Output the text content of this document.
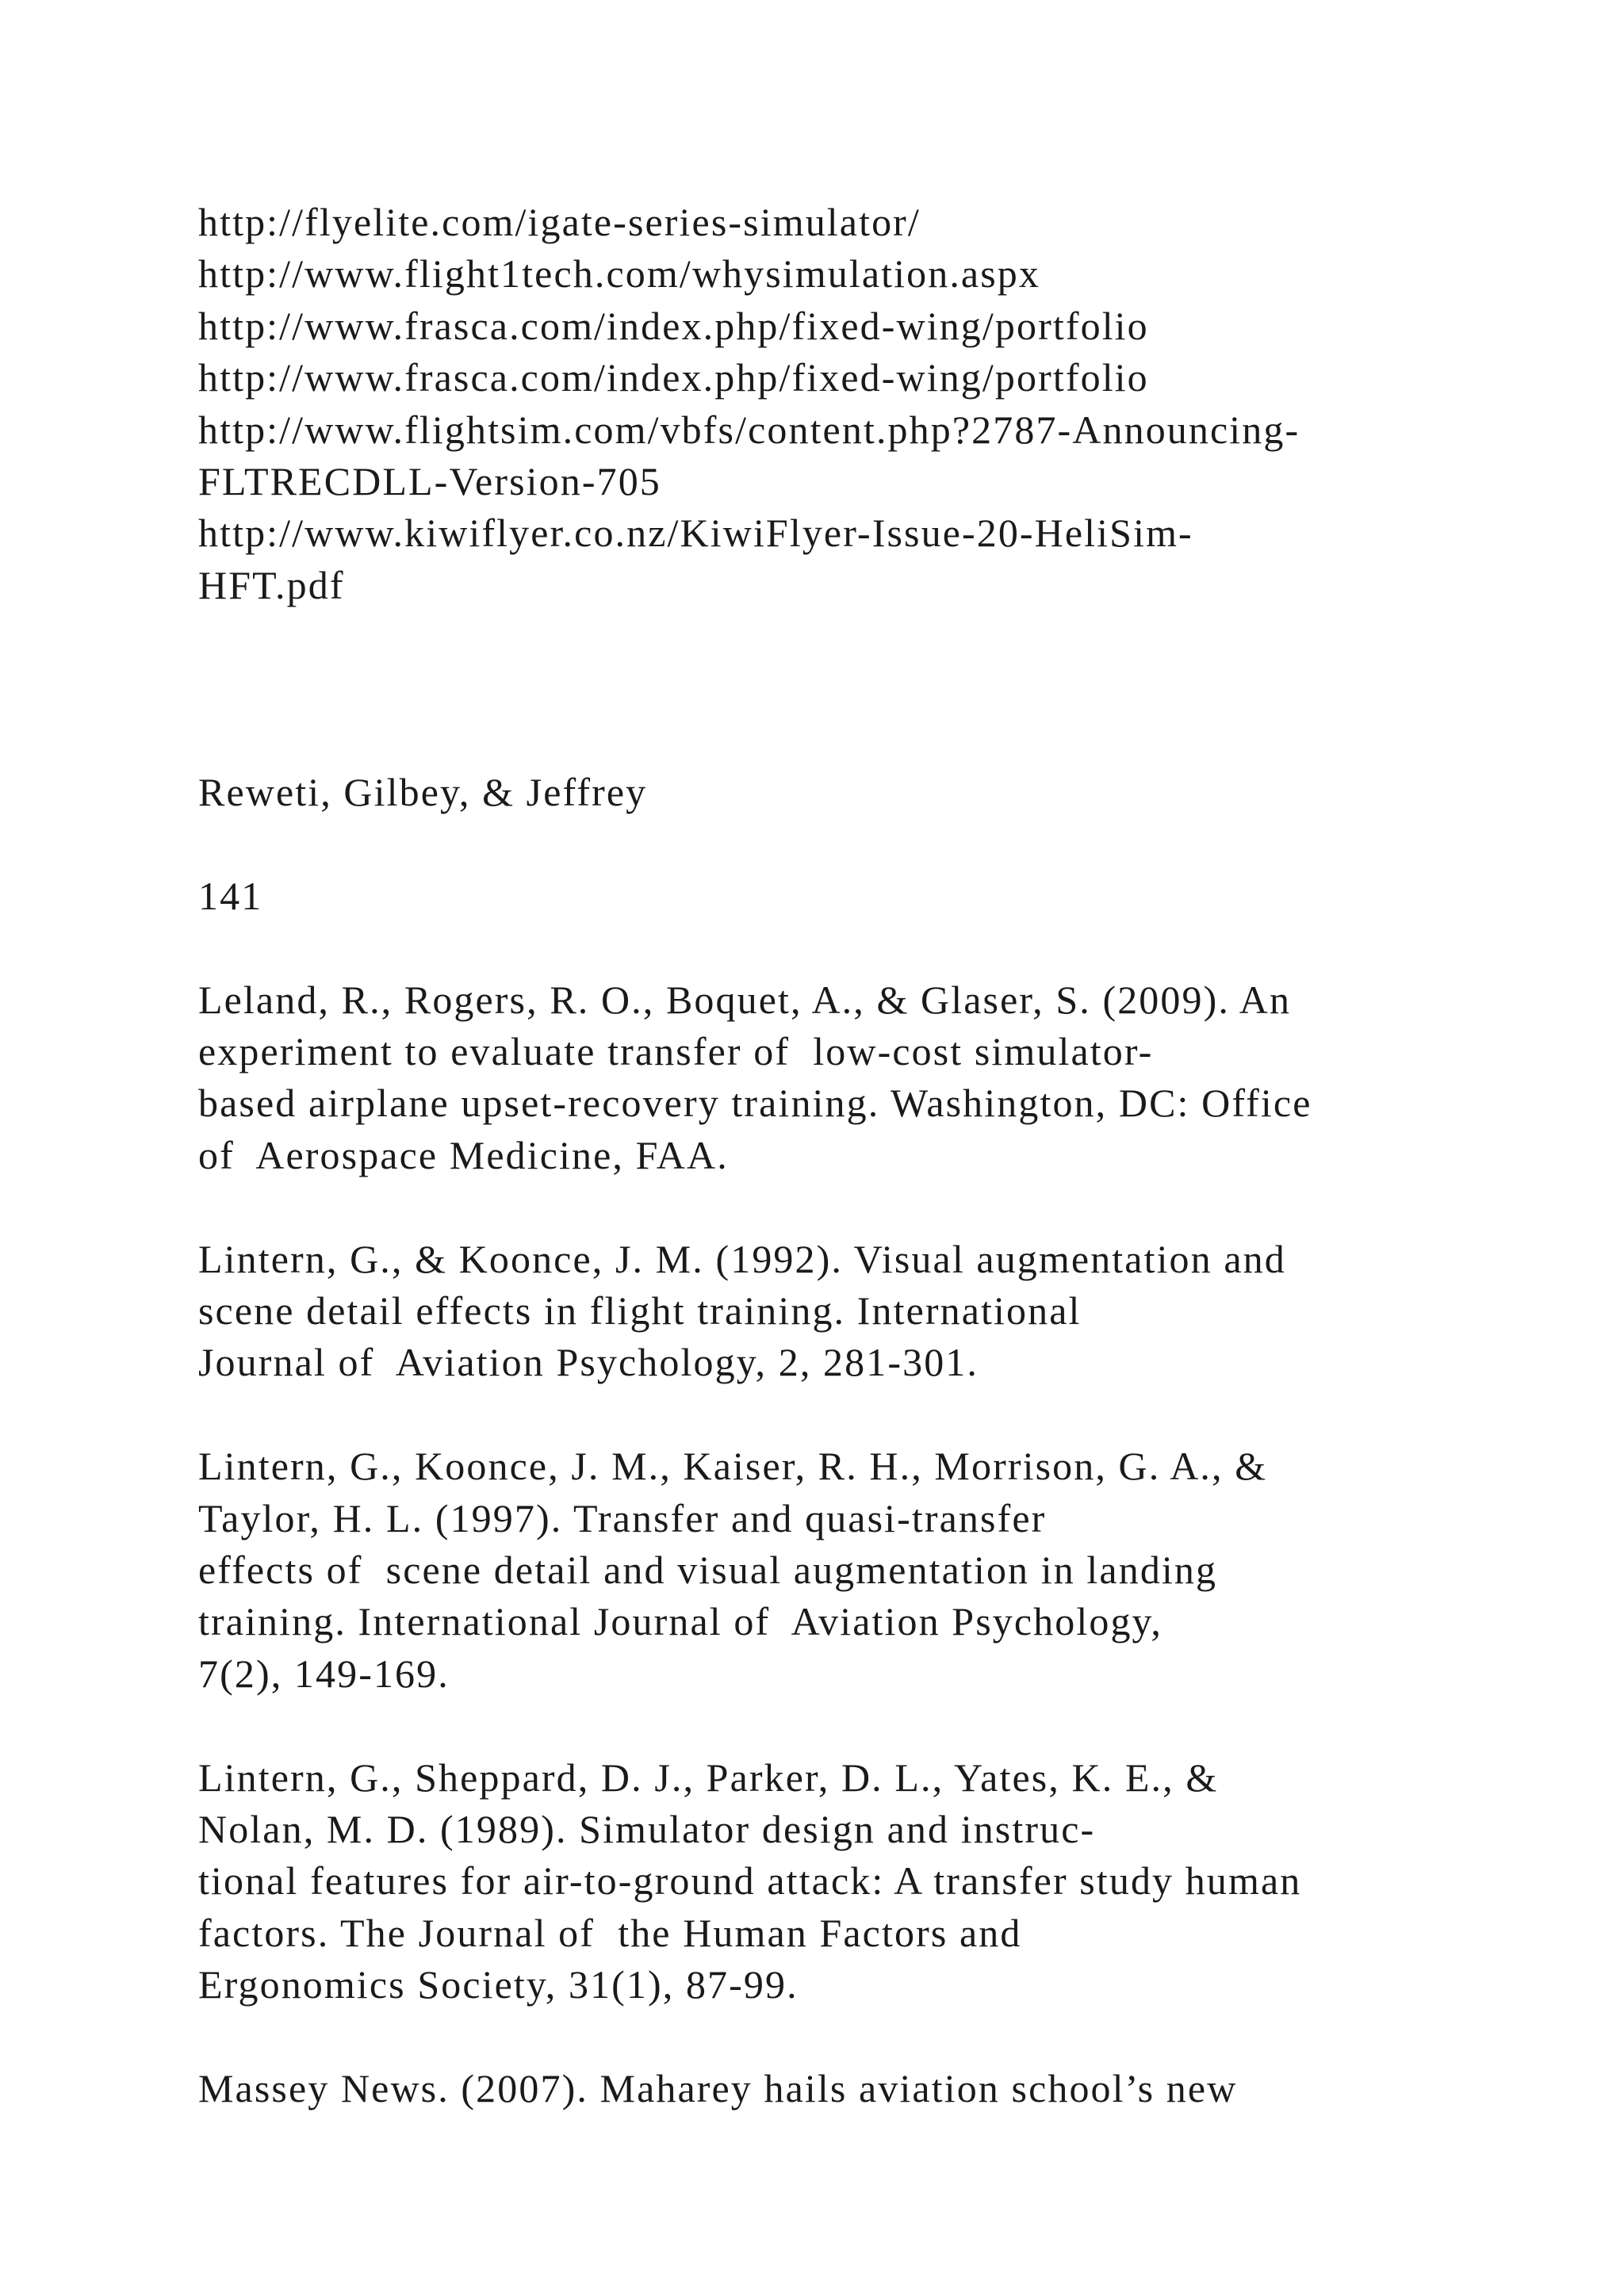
http://flyelite.com/igate-series-simulator/
http://www.flight1tech.com/whysimulation.aspx
http://www.frasca.com/index.php/fixed-wing/portfolio
http://www.frasca.com/index.php/fixed-wing/portfolio
http://www.flightsim.com/vbfs/content.php?2787-Announcing-
FLTRECDLL-Version-705
http://www.kiwiflyer.co.nz/KiwiFlyer-Issue-20-HeliSim-
HFT.pdf
Reweti, Gilbey, & Jeffrey
141
Leland, R., Rogers, R. O., Boquet, A., & Glaser, S. (2009). An
experiment to evaluate transfer of  low-cost simulator-
based airplane upset-recovery training. Washington, DC: Office
of  Aerospace Medicine, FAA.
Lintern, G., & Koonce, J. M. (1992). Visual augmentation and
scene detail effects in flight training. International
Journal of  Aviation Psychology, 2, 281-301.
Lintern, G., Koonce, J. M., Kaiser, R. H., Morrison, G. A., &
Taylor, H. L. (1997). Transfer and quasi-transfer
effects of  scene detail and visual augmentation in landing
training. International Journal of  Aviation Psychology,
7(2), 149-169.
Lintern, G., Sheppard, D. J., Parker, D. L., Yates, K. E., &
Nolan, M. D. (1989). Simulator design and instruc-
tional features for air-to-ground attack: A transfer study human
factors. The Journal of  the Human Factors and
Ergonomics Society, 31(1), 87-99.
Massey News. (2007). Maharey hails aviation school’s new
